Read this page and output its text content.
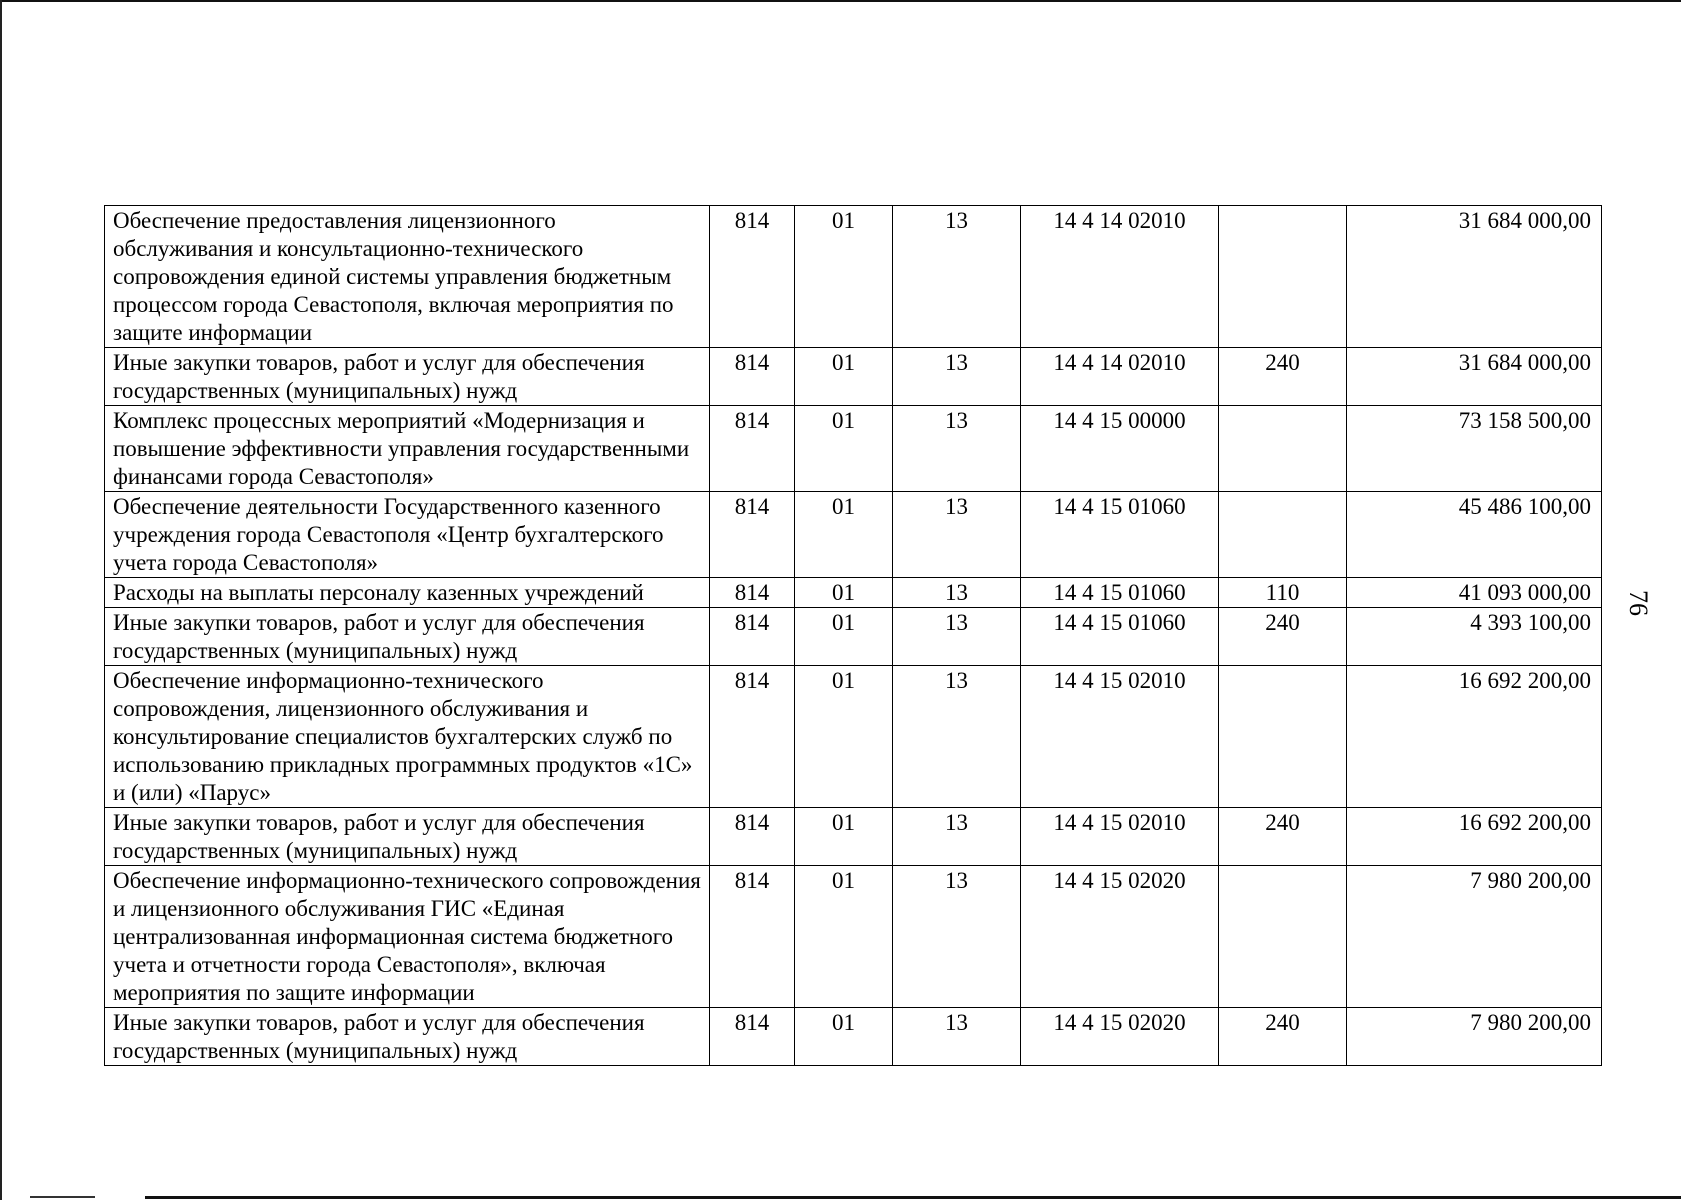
Обеспечение предоставления лицензионного обслуживания и консультационно-технического сопровождения единой системы управления бюджетным процессом города Севастополя, включая мероприятия по защите информации	814	01	13	14 4 14 02010		31 684 000,00
Иные закупки товаров, работ и услуг для обеспечения государственных (муниципальных) нужд	814	01	13	14 4 14 02010	240	31 684 000,00
Комплекс процессных мероприятий «Модернизация и повышение эффективности управления государственными финансами города Севастополя»	814	01	13	14 4 15 00000		73 158 500,00
Обеспечение деятельности Государственного казенного учреждения города Севастополя «Центр бухгалтерского учета города Севастополя»	814	01	13	14 4 15 01060		45 486 100,00
Расходы на выплаты персоналу казенных учреждений	814	01	13	14 4 15 01060	110	41 093 000,00
Иные закупки товаров, работ и услуг для обеспечения государственных (муниципальных) нужд	814	01	13	14 4 15 01060	240	4 393 100,00
Обеспечение информационно-технического сопровождения, лицензионного обслуживания и консультирование специалистов бухгалтерских служб по использованию прикладных программных продуктов «1С» и (или) «Парус»	814	01	13	14 4 15 02010		16 692 200,00
Иные закупки товаров, работ и услуг для обеспечения государственных (муниципальных) нужд	814	01	13	14 4 15 02010	240	16 692 200,00
Обеспечение информационно-технического сопровождения и лицензионного обслуживания ГИС «Единая централизованная информационная система бюджетного учета и отчетности города Севастополя», включая мероприятия по защите информации	814	01	13	14 4 15 02020		7 980 200,00
Иные закупки товаров, работ и услуг для обеспечения государственных (муниципальных) нужд	814	01	13	14 4 15 02020	240	7 980 200,00
76
